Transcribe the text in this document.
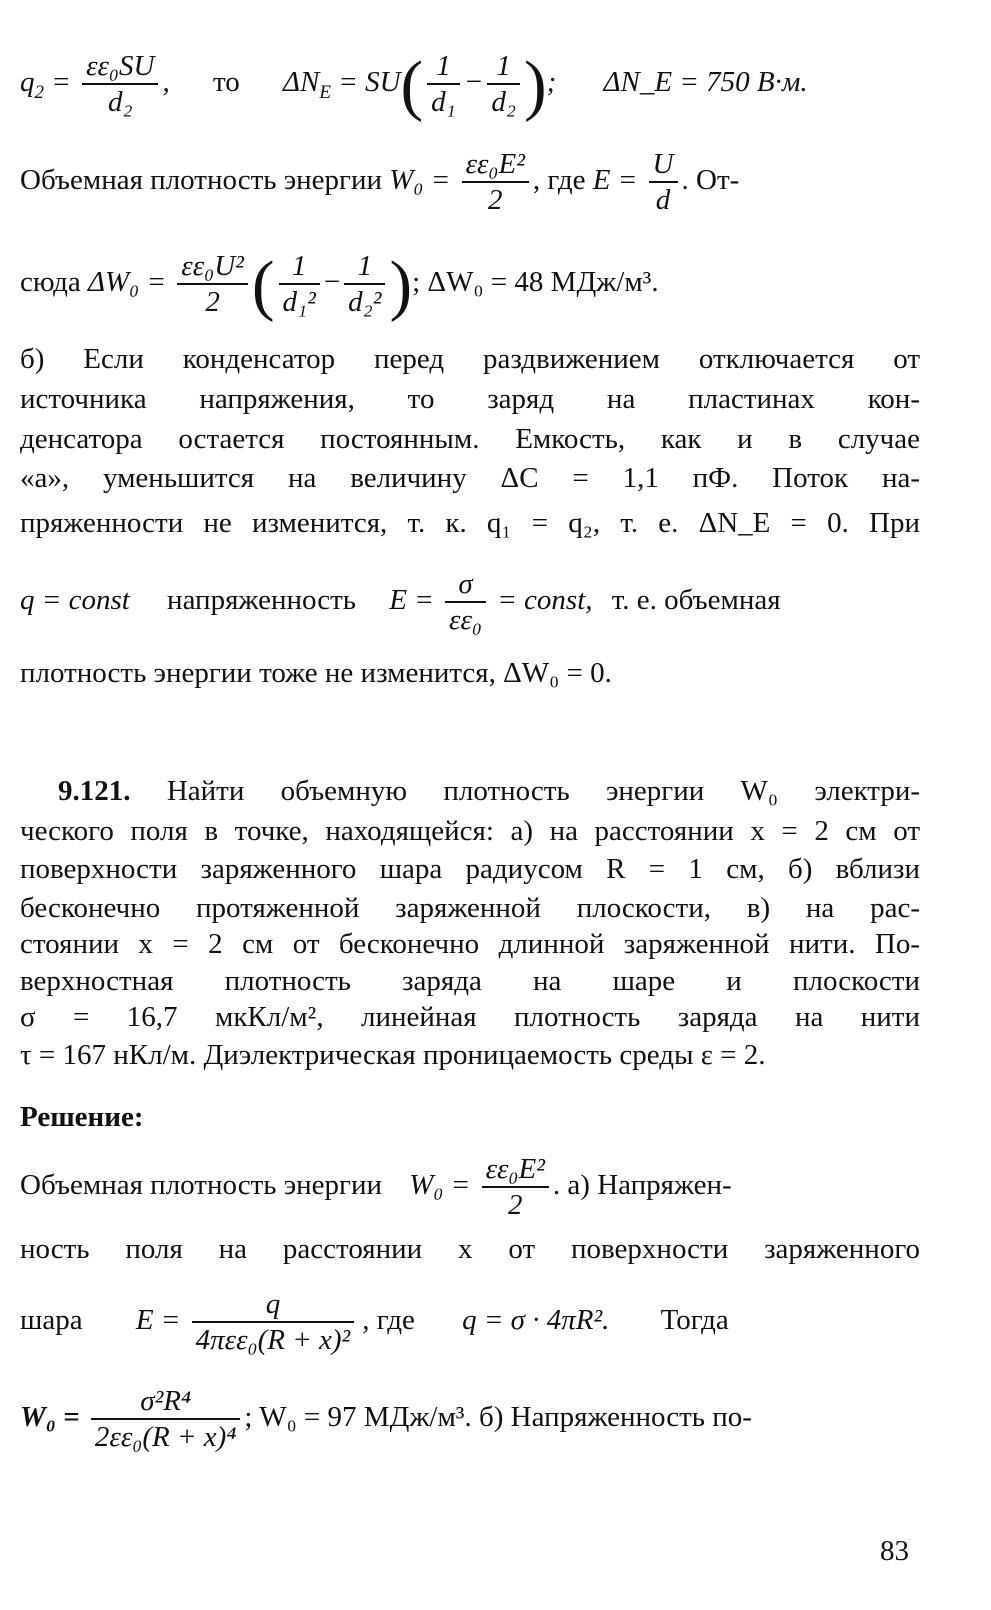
$q_2 = \frac{\text{εε₀SU}}{\text{d₂}}$ , то $\Delta N_E = SU( \frac{1}{\text{d₁}} - \frac{1}{\text{d₂}}$ ); ΔN_E = 750 В·м.
Объемная плотность энергии $W_0 = \frac{\text{εε₀E²}}{2}$ , где $E = \frac{U}{d}$ . От-
сюда $\Delta W_0 = \frac{\text{εε₀U²}}{2}$ ( $\frac{1}{\text{d₁²}} - \frac{1}{\text{d₂²}}$ ); ΔW₀ = 48 МДж/м³.
б) Если конденсатор перед раздвижением отключается от
источника напряжения, то заряд на пластинах кон-
денсатора остается постоянным. Емкость, как и в случае
«а», уменьшится на величину ΔC = 1,1 пФ. Поток на-
пряженности не изменится, т. к. q₁ = q₂, т. е. ΔN_E = 0. При
q = const напряженность $E = \frac{\sigma}{\text{εε₀}}$ = const, т. е. объемная
плотность энергии тоже не изменится, ΔW₀ = 0.
9.121. Найти объемную плотность энергии W₀ электри-
ческого поля в точке, находящейся: а) на расстоянии x = 2 см от
поверхности заряженного шара радиусом R = 1 см, б) вблизи
бесконечно протяженной заряженной плоскости, в) на рас-
стоянии x = 2 см от бесконечно длинной заряженной нити. По-
верхностная плотность заряда на шаре и плоскости
σ = 16,7 мкКл/м², линейная плотность заряда на нити
τ = 167 нКл/м. Диэлектрическая проницаемость среды ε = 2.
Решение:
Объемная плотность энергии $W_0 = \frac{\text{εε₀E²}}{2}$ . а) Напряжен-
ность поля на расстоянии x от поверхности заряженного
шара $E = \frac{q}{\text{4πεε₀(R + x)²}}$ , где q = σ · 4πR². Тогда
$W_0 = \frac{\text{σ²R⁴}}{\text{2εε₀(R + x)⁴}}$ ; W₀ = 97 МДж/м³. б) Напряженность по-
83
